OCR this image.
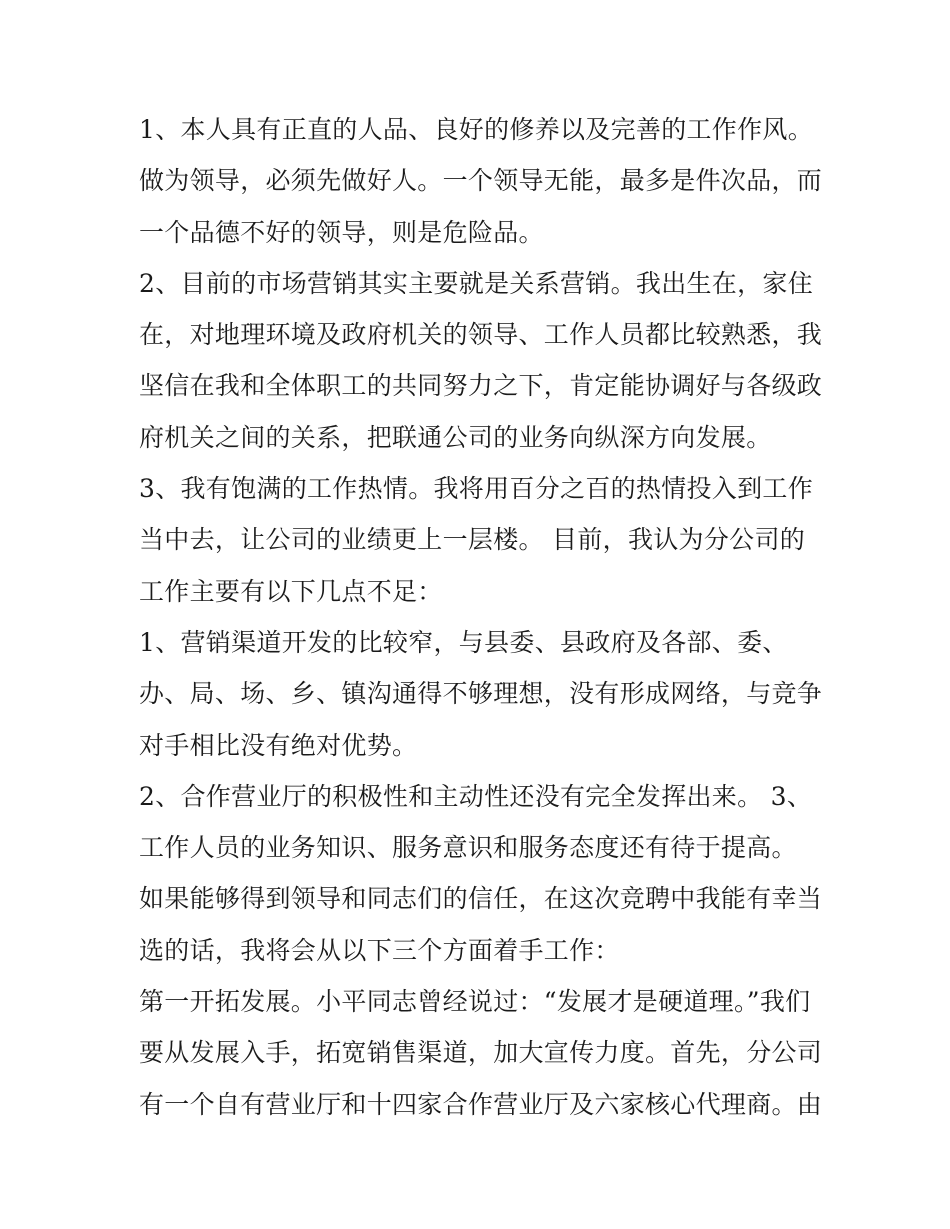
1、本人具有正直的人品、良好的修养以及完善的工作作风。
做为领导，必须先做好人。一个领导无能，最多是件次品，而
一个品德不好的领导，则是危险品。
2、目前的市场营销其实主要就是关系营销。我出生在，家住
在，对地理环境及政府机关的领导、工作人员都比较熟悉，我
坚信在我和全体职工的共同努力之下，肯定能协调好与各级政
府机关之间的关系，把联通公司的业务向纵深方向发展。
3、我有饱满的工作热情。我将用百分之百的热情投入到工作
当中去，让公司的业绩更上一层楼。 目前，我认为分公司的
工作主要有以下几点不足：
1、营销渠道开发的比较窄，与县委、县政府及各部、委、
办、局、场、乡、镇沟通得不够理想，没有形成网络，与竞争
对手相比没有绝对优势。
2、合作营业厅的积极性和主动性还没有完全发挥出来。 3、
工作人员的业务知识、服务意识和服务态度还有待于提高。
如果能够得到领导和同志们的信任，在这次竞聘中我能有幸当
选的话，我将会从以下三个方面着手工作：
第一开拓发展。小平同志曾经说过：“发展才是硬道理。”我们
要从发展入手，拓宽销售渠道，加大宣传力度。首先，分公司
有一个自有营业厅和十四家合作营业厅及六家核心代理商。由
